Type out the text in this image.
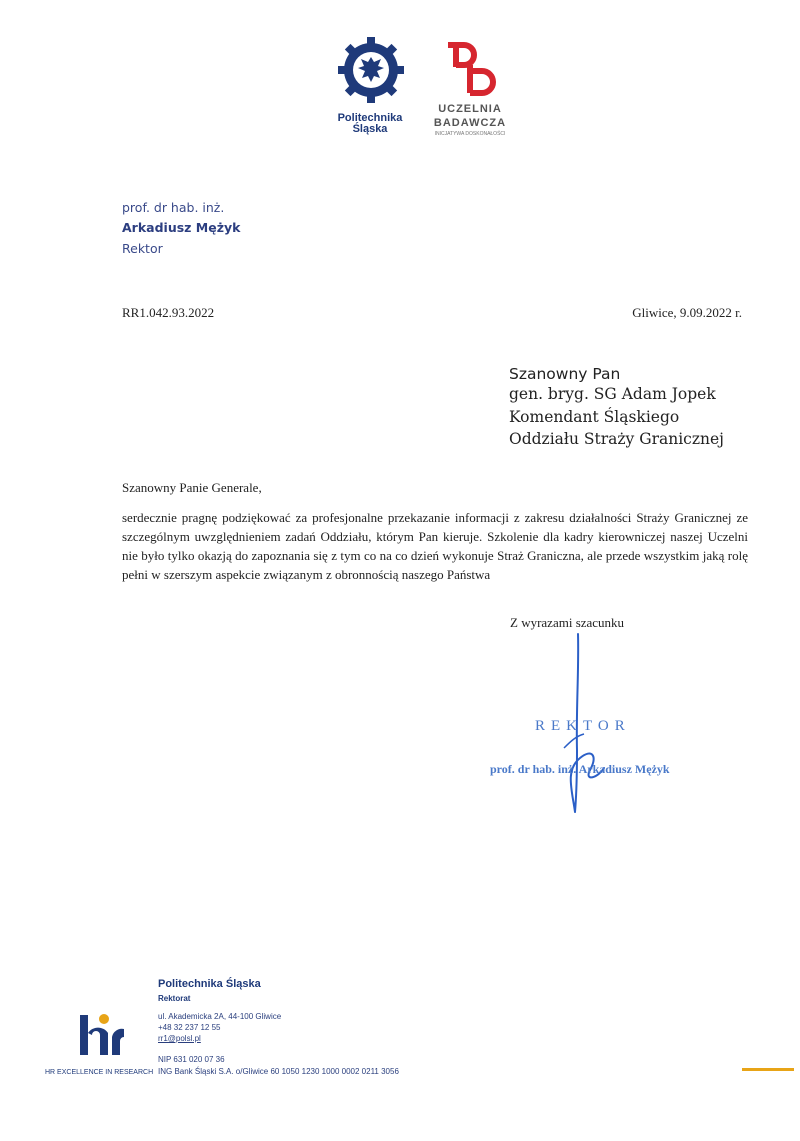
Politechnika
Śląska
UCZELNIA
BADAWCZA
INICJATYWA DOSKONAŁOŚCI
prof. dr hab. inż.
Arkadiusz Mężyk
Rektor
RR1.042.93.2022	Gliwice, 9.09.2022 r.
Szanowny Pan
gen. bryg. SG Adam Jopek
Komendant Śląskiego
Oddziału Straży Granicznej
Szanowny Panie Generale,
serdecznie pragnę podziękować za profesjonalne przekazanie informacji z zakresu działalności Straży Granicznej ze szczególnym uwzględnieniem zadań Oddziału, którym Pan kieruje. Szkolenie dla kadry kierowniczej naszej Uczelni nie było tylko okazją do zapoznania się z tym co na co dzień wykonuje Straż Graniczna, ale przede wszystkim jaką rolę pełni w szerszym aspekcie związanym z obronnością naszego Państwa
Z wyrazami szacunku
REKTOR
prof. dr hab. inż. Arkadiusz Mężyk
HR EXCELLENCE IN RESEARCH
Politechnika Śląska
Rektorat
ul. Akademicka 2A, 44-100 Gliwice
+48 32 237 12 55
rr1@polsl.pl
NIP 631 020 07 36
ING Bank Śląski S.A. o/Gliwice 60 1050 1230 1000 0002 0211 3056
